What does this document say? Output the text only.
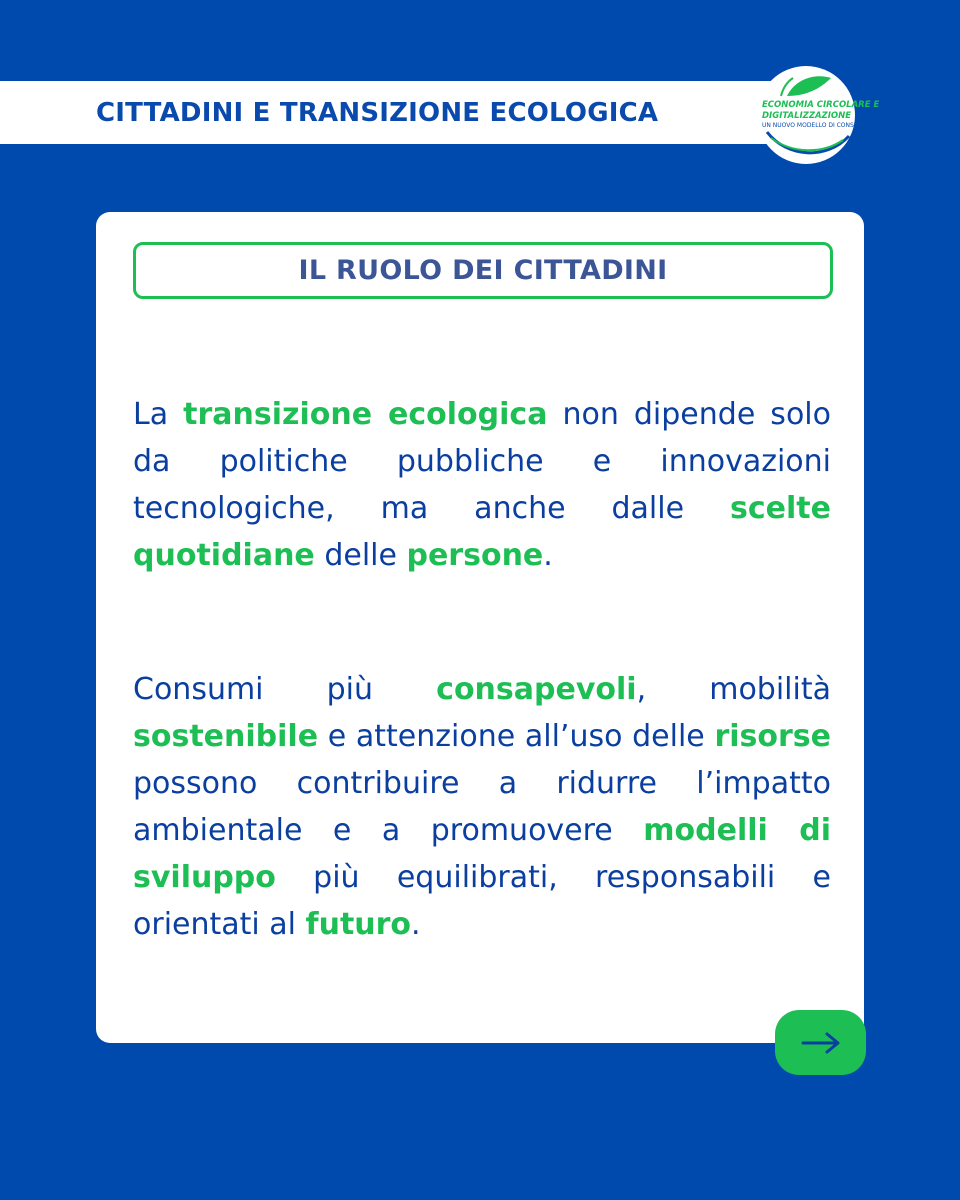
CITTADINI E TRANSIZIONE ECOLOGICA	ECONOMIA CIRCOLARE E
DIGITALIZZAZIONE
UN NUOVO MODELLO DI CONSUMO
IL RUOLO DEI CITTADINI

La transizione ecologica non dipende solo da politiche pubbliche e innovazioni tecnologiche, ma anche dalle scelte quotidiane delle persone.

Consumi più consapevoli, mobilità sostenibile e attenzione all’uso delle risorse possono contribuire a ridurre l’impatto ambientale e a promuovere modelli di sviluppo più equilibrati, responsabili e orientati al futuro.
